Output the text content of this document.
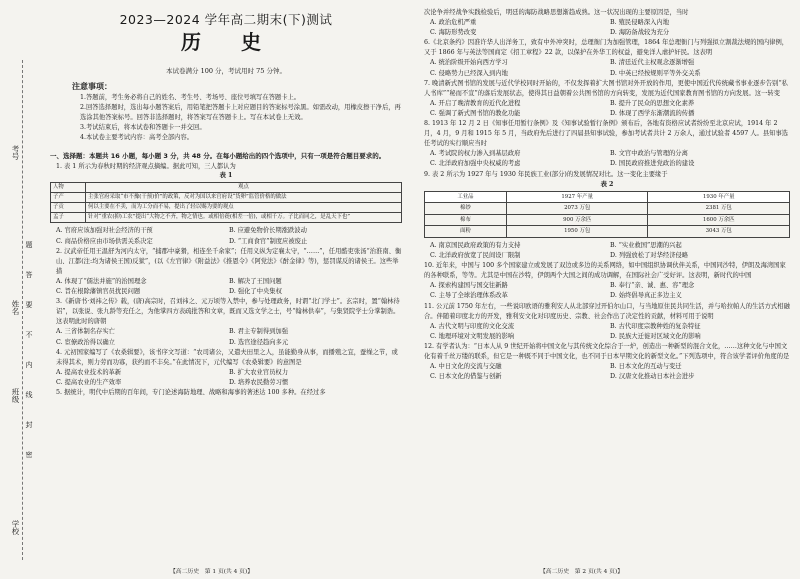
考号
姓名
班级
学校
题
答
要
不
内
线
封
密
2023—2024 学年高二期末(下)测试
历　史
本试卷满分 100 分，考试用时 75 分钟。

注意事项：

1.答题前，考生务必将自己的姓名、考生号、考场号、座位号填写在答题卡上。

2.回答选择题时，选出每小题答案后，用铅笔把答题卡上对应题目的答案标号涂黑。如需改动，用橡皮擦干净后，再选涂其他答案标号。回答非选择题时，将答案写在答题卡上。写在本试卷上无效。

3.考试结束后，将本试卷和答题卡一并交回。

4.本试卷主要考试内容：高考全部内容。

一、选择题：本题共 16 小题，每小题 3 分，共 48 分。在每小题给出的四个选项中，只有一项是符合题目要求的。

1. 表 1 所示为春秋时期的经济观点摘编。据此可知，三人都认为

表 1
人物	观点
子产	主张官府采取“市不豫(干预)价”的政策，反对为国以来官府设“货卵”监管价格的做法
子贡	何以主要在不卖，而为工分而不易，提出了轻以赐为要的观点
孟子	针对“重农(抑)工农”提出“大物之不齐，物之情也。或相倍蓰(相差一倍)，或相千万。子比而同之，是乱天下也”
A. 官府应该加强对社会经济的干预	B. 应避免物价长期涨跌波动
C. 商品价格应由市场供需关系决定	D. “工商食官”制度应被废止

2. 汉武帝任用王温舒为河内太守，“捕郡中豪猾，相连坐千余家”；任用义纵为定襄太守，“……”，任用酷吏张汤“治淮南、衡山、江都(注:均为诸侯王国)反狱”，(以《左官律》《附益法》《推恩令》《阿党法》《酎金律》等)，惩罚谋反的诸侯王。这些举措

A. 体现了“儒法并施”的治国理念	B. 解决了王国问题
C. 旨在根除藩镇官员扰民问题	D. 强化了中央集权

3.《新唐书·刘祎之传》载，(唐)高宗时，召刘祎之、元万顷等入禁中，参与处理政务，时谓“北门学士”。玄宗时，置“翰林待诏”，以张说、张九龄等充任之，为他掌四方表疏批答和文章，既而又选文学之士，号“翰林供奉”，与集贤院学士分掌制诰。这表明此时的唐朝

A. 三省体制名存实亡	B. 君主专制得到加强
C. 宦僚政治得以确立	D. 选官途径趋向多元

4. 元初国家编写了《农桑辑要》，该书序文写道：“农司诸公，又遣夫田里之人，虽能勤身从事，而播殖之宜，蚕缲之节，或未得其术，则力劳而功寡，获约而不丰矣。”在此情况下，元代编写《农桑辑要》的意图是

A. 提高农业技术的革新	B. 扩大农业官员权力
C. 提高农业的生产效率	D. 培养农民勤劳习惯

5. 据统计，明代中后期的百年间，专门论述海防地理、战略和海事的著述达 100 多种。在经过多

【高二历史　第 1 页(共 4 页)】

次论争并经战争实践检验后，明廷的海防战略思想渐趋成熟。这一状况出现的主要原因是，当时

A. 政治危机严重	B. 殖民侵略深入内地
C. 海防形势改变	D. 海防备战较为充分

6.《北京条约》因准许华人出洋务工，致有中外冲突时，总理衙门为加强管理，1864 年总理衙门与列强拟立割裁法规的国内律例，又于 1866 年与英法等国商定《招工章程》22 款，以保护在外华工的权益，避免洋人虐护奸民。这表明

A. 统治阶级开始向西方学习	B. 清廷近代主权观念逐渐增强
C. 侵略势力已经深入到内地	D. 中英已经按规则平等外交关系

7. 晚清新式图书馆的发展与近代学校同时开始的，不仅发挥着扩大图书馆对外开放的作用，更使中国近代传统藏书事业逐步告别“私人书库”“秘而不宣”的落后发展状态，使得其日益朝着公共图书馆的方向转变，发展为近代国家教育图书馆的方向发展。这一转变

A. 开启了晚清教育的近代化进程	B. 提升了民众的思想文化素养
C. 强调了新式图书馆的教化功能	D. 体现了西学东渐潮流的传播

8. 1913 年 12 月 2 日《知事任用暂行条例》及《知事试验暂行条例》颁布后，各地有资格应试者纷纷至北京应试，1914 年 2 月，4 月，9 月和 1915 年 5 月，当政府先后进行了四届县知事试验，参加考试者共计 2 万余人，通过试验者 4597 人。县知事选任考试的实行顺应当时

A. 考试院的权力渗入到基层政府	B. 文官中政治与管理的分离
C. 北洋政府加强中央权威的考虑	D. 国民政府推进党政治的建设

9. 表 2 所示为 1927 年与 1930 年民族工业(部分)的发展情况对比。这一变化主要缘于

表 2
工业品	1927 年产量	1930 年产量
棉纱	2073 万包	2381 万包
棉布	900 万余匹	1600 万余匹
面粉	1950 万包	3043 万包
A. 南京国民政府政策的有力支持	B. “实业救国”思潮的兴起
C. 北洋政府放宽了民间设厂限制	D. 列强放松了对华经济侵略

10. 近年来，中国与 100 多个国家建立或发展了双边或多边的关系网络，如中国组织协调伙伴关系，中国同沙特，伊朗及海湾国家的各种联系，等等。尤其是中国在沙特，伊朗两个大国之间的成功调解，在国际社会广受好评。这表明，新时代的中国

A. 探索构建国与国交往新路	B. 奉行“亲、诚、惠、容”理念
C. 主导了全球治理体系改革	D. 始终倡导真正多边主义

11. 公元前 1750 年左右，一些说印欧语的雅利安人从北部穿过开伯尔山口，与当地原住民共同生活，并与哈拉帕人的生活方式相融合。伴随着印度北方的开发，雅利安文化对印度历史、宗教、社会作出了决定性的贡献，材料可用于说明

A. 古代文明与印度的文化交流	B. 古代印度宗教种姓的复杂特征
C. 地理环境对文明发展的影响	D. 民族大迁徙对区域文化的影响

12. 有学者认为：“日本人从 9 世纪开始将中国文化与其传统文化综合于一炉，创造出一种新型的混合文化，……这种文化与中国文化有着千丝万缕的联系，但它是一种既不同于中国文化，也不同于日本早期文化的新型文化。”下列选项中，符合该学者评价角度的是

A. 中日文化的交流与交融	B. 日本文化的互动与变迁
C. 日本文化的借鉴与创新	D. 汉唐文化推动日本社会进步
【高二历史　第 2 页(共 4 页)】
